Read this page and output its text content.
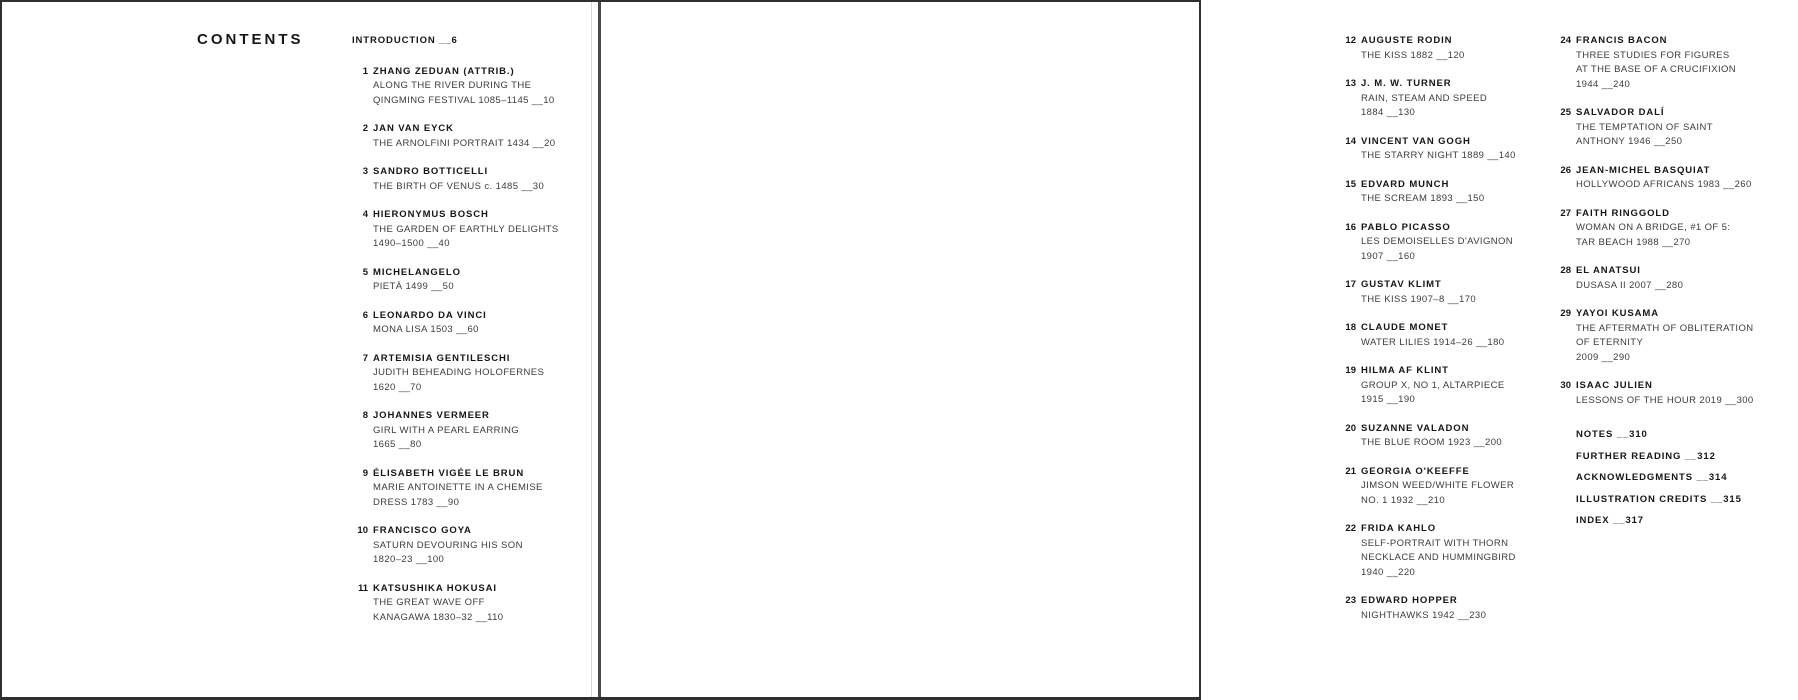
CONTENTS	INTRODUCTION __6
1 ZHANG ZEDUAN (ATTRIB.)
ALONG THE RIVER DURING THE
QINGMING FESTIVAL 1085–1145 __10
2 JAN VAN EYCK
THE ARNOLFINI PORTRAIT 1434 __20
3 SANDRO BOTTICELLI
THE BIRTH OF VENUS c. 1485 __30
4 HIERONYMUS BOSCH
THE GARDEN OF EARTHLY DELIGHTS
1490–1500 __40
5 MICHELANGELO
PIETÀ 1499 __50
6 LEONARDO DA VINCI
MONA LISA 1503 __60
7 ARTEMISIA GENTILESCHI
JUDITH BEHEADING HOLOFERNES
1620 __70
8 JOHANNES VERMEER
GIRL WITH A PEARL EARRING
1665 __80
9 ÉLISABETH VIGÉE LE BRUN
MARIE ANTOINETTE IN A CHEMISE
DRESS 1783 __90
10 FRANCISCO GOYA
SATURN DEVOURING HIS SON
1820–23 __100
11 KATSUSHIKA HOKUSAI
THE GREAT WAVE OFF
KANAGAWA 1830–32 __110
12 AUGUSTE RODIN
THE KISS 1882 __120
13 J. M. W. TURNER
RAIN, STEAM AND SPEED
1884 __130
14 VINCENT VAN GOGH
THE STARRY NIGHT 1889 __140
15 EDVARD MUNCH
THE SCREAM 1893 __150
16 PABLO PICASSO
LES DEMOISELLES D'AVIGNON
1907 __160
17 GUSTAV KLIMT
THE KISS 1907–8 __170
18 CLAUDE MONET
WATER LILIES 1914–26 __180
19 HILMA AF KLINT
GROUP X, NO 1, ALTARPIECE
1915 __190
20 SUZANNE VALADON
THE BLUE ROOM 1923 __200
21 GEORGIA O'KEEFFE
JIMSON WEED/WHITE FLOWER
NO. 1 1932 __210
22 FRIDA KAHLO
SELF-PORTRAIT WITH THORN
NECKLACE AND HUMMINGBIRD
1940 __220
23 EDWARD HOPPER
NIGHTHAWKS 1942 __230
24 FRANCIS BACON
THREE STUDIES FOR FIGURES
AT THE BASE OF A CRUCIFIXION
1944 __240
25 SALVADOR DALÍ
THE TEMPTATION OF SAINT
ANTHONY 1946 __250
26 JEAN-MICHEL BASQUIAT
HOLLYWOOD AFRICANS 1983 __260
27 FAITH RINGGOLD
WOMAN ON A BRIDGE, #1 OF 5:
TAR BEACH 1988 __270
28 EL ANATSUI
DUSASA II 2007 __280
29 YAYOI KUSAMA
THE AFTERMATH OF OBLITERATION
OF ETERNITY
2009 __290
30 ISAAC JULIEN
LESSONS OF THE HOUR 2019 __300
NOTES __310
FURTHER READING __312
ACKNOWLEDGMENTS __314
ILLUSTRATION CREDITS __315
INDEX __317
